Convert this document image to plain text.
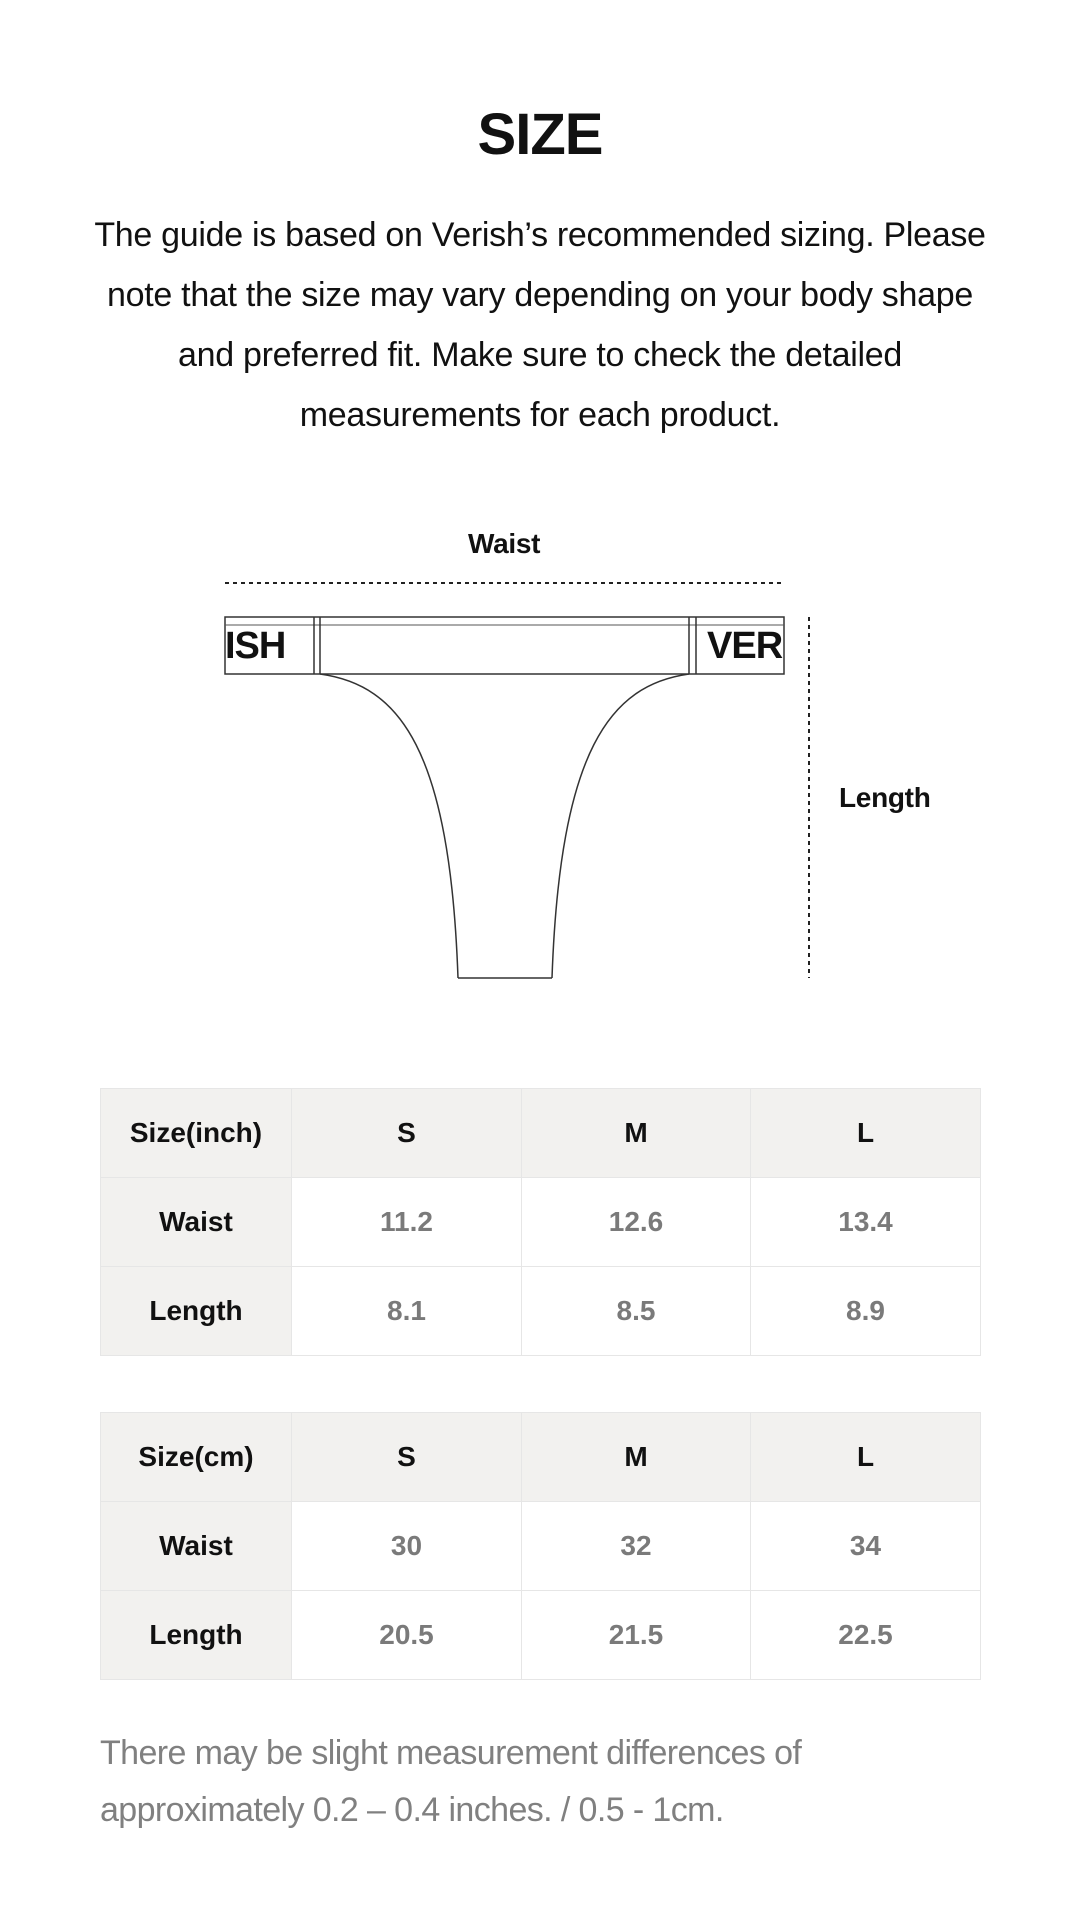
SIZE
The guide is based on Verish’s recommended sizing. Please note that the size may vary depending on your body shape and preferred fit. Make sure to check the detailed measurements for each product.
Waist
Length
ISH	VER
Size(inch)	S	M	L
Waist	11.2	12.6	13.4
Length	8.1	8.5	8.9
Size(cm)	S	M	L
Waist	30	32	34
Length	20.5	21.5	22.5
There may be slight measurement differences of approximately 0.2 – 0.4 inches. / 0.5 - 1cm.
